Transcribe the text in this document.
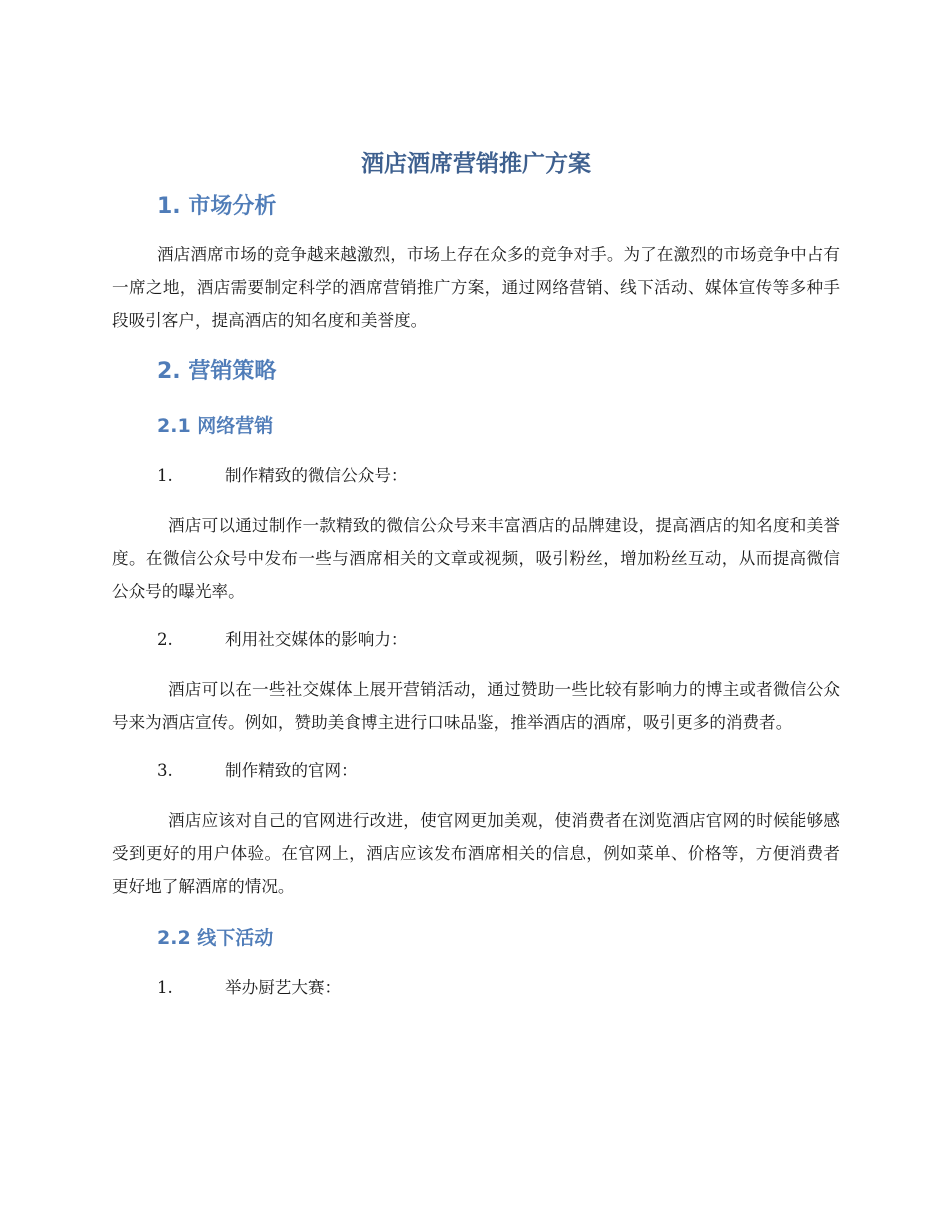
酒店酒席营销推广方案
1. 市场分析

酒店酒席市场的竞争越来越激烈，市场上存在众多的竞争对手。为了在激烈的市场竞争中占有一席之地，酒店需要制定科学的酒席营销推广方案，通过网络营销、线下活动、媒体宣传等多种手段吸引客户，提高酒店的知名度和美誉度。

2. 营销策略
2.1 网络营销
1.	制作精致的微信公众号：

酒店可以通过制作一款精致的微信公众号来丰富酒店的品牌建设，提高酒店的知名度和美誉度。在微信公众号中发布一些与酒席相关的文章或视频，吸引粉丝，增加粉丝互动，从而提高微信公众号的曝光率。

2.	利用社交媒体的影响力：

酒店可以在一些社交媒体上展开营销活动，通过赞助一些比较有影响力的博主或者微信公众号来为酒店宣传。例如，赞助美食博主进行口味品鉴，推举酒店的酒席，吸引更多的消费者。

3.	制作精致的官网：

酒店应该对自己的官网进行改进，使官网更加美观，使消费者在浏览酒店官网的时候能够感受到更好的用户体验。在官网上，酒店应该发布酒席相关的信息，例如菜单、价格等，方便消费者更好地了解酒席的情况。

2.2 线下活动
1.	举办厨艺大赛：
